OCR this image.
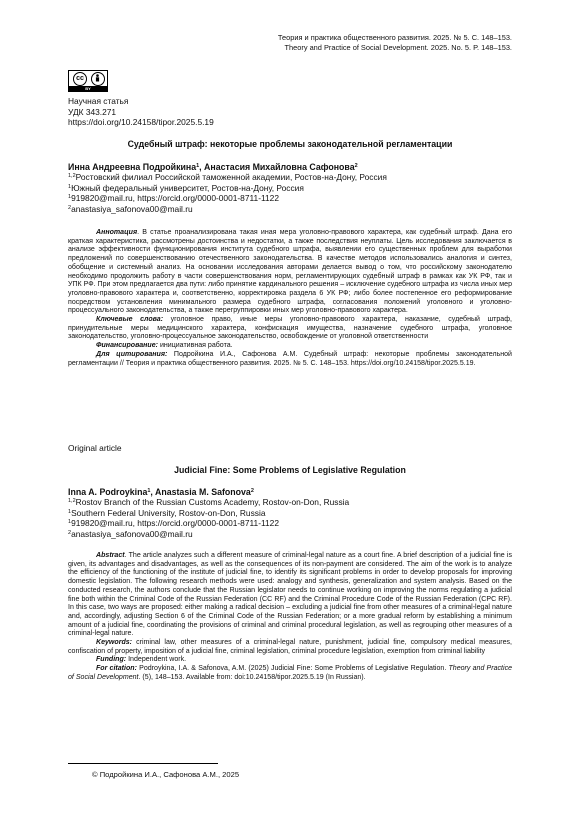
Теория и практика общественного развития. 2025. № 5. С. 148–153.
Theory and Practice of Social Development. 2025. No. 5. P. 148–153.
cc
BY
Научная статья
УДК 343.271
https://doi.org/10.24158/tipor.2025.5.19
Судебный штраф: некоторые проблемы законодательной регламентации
Инна Андреевна Подройкина$^1$, Анастасия Михайловна Сафонова$^2$
$^{1,2}$Ростовский филиал Российской таможенной академии, Ростов-на-Дону, Россия
$^1$Южный федеральный университет, Ростов-на-Дону, Россия
$^1$919820@mail.ru, https://orcid.org/0000-0001-8711-1122
$^2$anastasiya_safonova00@mail.ru

Аннотация. В статье проанализирована такая иная мера уголовно-правового характера, как судебный штраф. Дана его краткая характеристика, рассмотрены достоинства и недостатки, а также последствия неуплаты. Цель исследования заключается в анализе эффективности функционирования института судебного штрафа, выявлении его существенных проблем для выработки предложений по совершенствованию отечественного законодательства. В качестве методов использовались аналогия и синтез, обобщение и системный анализ. На основании исследования авторами делается вывод о том, что российскому законодателю необходимо продолжить работу в части совершенствования норм, регламентирующих судебный штраф в рамках как УК РФ, так и УПК РФ. При этом предлагается два пути: либо принятие кардинального решения – исключение судебного штрафа из числа иных мер уголовно-правового характера и, соответственно, корректировка раздела 6 УК РФ; либо более постепенное его реформирование посредством установления минимального размера судебного штрафа, согласования положений уголовного и уголовно-процессуального законодательства, а также перегруппировки иных мер уголовно-правового характера.

Ключевые слова: уголовное право, иные меры уголовно-правового характера, наказание, судебный штраф, принудительные меры медицинского характера, конфискация имущества, назначение судебного штрафа, уголовное законодательство, уголовно-процессуальное законодательство, освобождение от уголовной ответственности

Финансирование: инициативная работа.

Для цитирования: Подройкина И.А., Сафонова А.М. Судебный штраф: некоторые проблемы законодательной регламентации // Теория и практика общественного развития. 2025. № 5. С. 148–153. https://doi.org/10.24158/tipor.2025.5.19.

Original article
Judicial Fine: Some Problems of Legislative Regulation
Inna A. Podroykina$^1$, Anastasia M. Safonova$^2$
$^{1,2}$Rostov Branch of the Russian Customs Academy, Rostov-on-Don, Russia
$^1$Southern Federal University, Rostov-on-Don, Russia
$^1$919820@mail.ru, https://orcid.org/0000-0001-8711-1122
$^2$anastasiya_safonova00@mail.ru

Abstract. The article analyzes such a different measure of criminal-legal nature as a court fine. A brief description of a judicial fine is given, its advantages and disadvantages, as well as the consequences of its non-payment are considered. The aim of the work is to analyze the efficiency of the functioning of the institute of judicial fine, to identify its significant problems in order to develop proposals for improving domestic legislation. The following research methods were used: analogy and synthesis, generalization and system analysis. Based on the conducted research, the authors conclude that the Russian legislator needs to continue working on improving the norms regulating a judicial fine both within the Criminal Code of the Russian Federation (CC RF) and the Criminal Procedure Code of the Russian Federation (CPC RF). In this case, two ways are proposed: either making a radical decision – excluding a judicial fine from other measures of a criminal-legal nature and, accordingly, adjusting Section 6 of the Criminal Code of the Russian Federation; or a more gradual reform by establishing a minimum amount of a judicial fine, coordinating the provisions of criminal and criminal procedural legislation, as well as regrouping other measures of a criminal-legal nature.

Keywords: criminal law, other measures of a criminal-legal nature, punishment, judicial fine, compulsory medical measures, confiscation of property, imposition of a judicial fine, criminal legislation, criminal procedure legislation, exemption from criminal liability

Funding: Independent work.

For citation: Podroykina, I.A. & Safonova, A.M. (2025) Judicial Fine: Some Problems of Legislative Regulation. Theory and Practice of Social Development. (5), 148–153. Available from: doi:10.24158/tipor.2025.5.19 (In Russian).

© Подройкина И.А., Сафонова А.М., 2025
